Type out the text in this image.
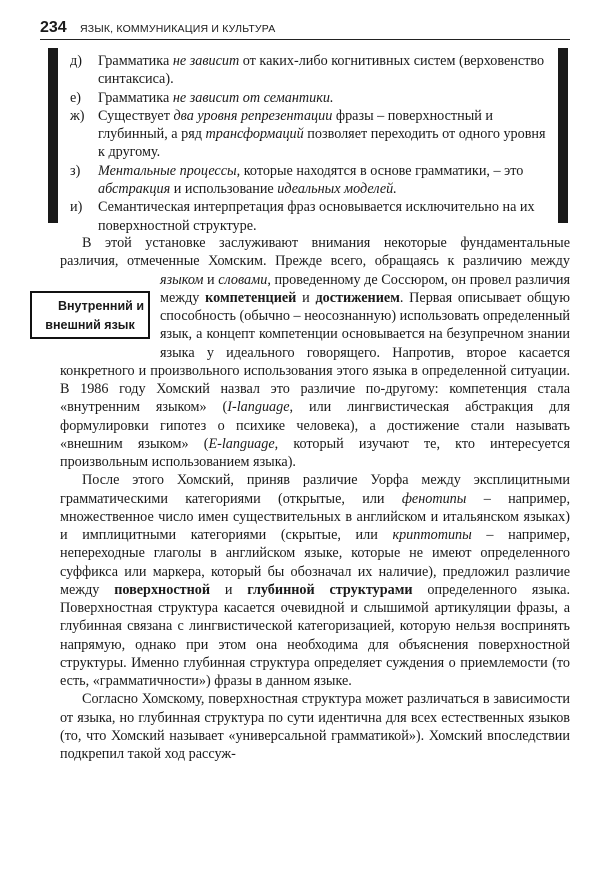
234 ЯЗЫК, КОММУНИКАЦИЯ И КУЛЬТУРА
д) Грамматика не зависит от каких-либо когнитивных систем (верховенство синтаксиса).
е) Грамматика не зависит от семантики.
ж) Существует два уровня репрезентации фразы – поверхностный и глубинный, а ряд трансформаций позволяет переходить от одного уровня к другому.
з) Ментальные процессы, которые находятся в основе грамматики, – это абстракция и использование идеальных моделей.
и) Семантическая интерпретация фраз основывается исключительно на их поверхностной структуре.

В этой установке заслуживают внимания некоторые фундаментальные различия, отмеченные Хомским. Прежде всего, обращаясь к различию между
Внутренний и
внешний язык
языком и словами, проведенному де Соссюром, он провел различия между компетенцией и достижением. Первая описывает общую способность (обычно – неосознанную) использовать определенный язык, а концепт компетенции основывается на безупречном знании языка у идеального говорящего. Напротив, второе касается конкретного и произвольного использования этого языка в определенной ситуации. В 1986 году Хомский назвал это различие по-другому: компетенция стала «внутренним языком» (I-language, или лингвистическая абстракция для формулировки гипотез о психике человека), а достижение стали называть «внешним языком» (E-language, который изучают те, кто интересуется произвольным использованием языка).

После этого Хомский, приняв различие Уорфа между эксплицитными грамматическими категориями (открытые, или фенотипы – например, множественное число имен существительных в английском и итальянском языках) и имплицитными категориями (скрытые, или криптотипы – например, непереходные глаголы в английском языке, которые не имеют определенного суффикса или маркера, который бы обозначал их наличие), предложил различие между поверхностной и глубинной структурами определенного языка. Поверхностная структура касается очевидной и слышимой артикуляции фразы, а глубинная связана с лингвистической категоризацией, которую нельзя воспринять напрямую, однако при этом она необходима для объяснения поверхностной структуры. Именно глубинная структура определяет суждения о приемлемости (то есть, «грамматичности») фразы в данном языке.

Согласно Хомскому, поверхностная структура может различаться в зависимости от языка, но глубинная структура по сути идентична для всех естественных языков (то, что Хомский называет «универсальной грамматикой»). Хомский впоследствии подкрепил такой ход рассуж-
